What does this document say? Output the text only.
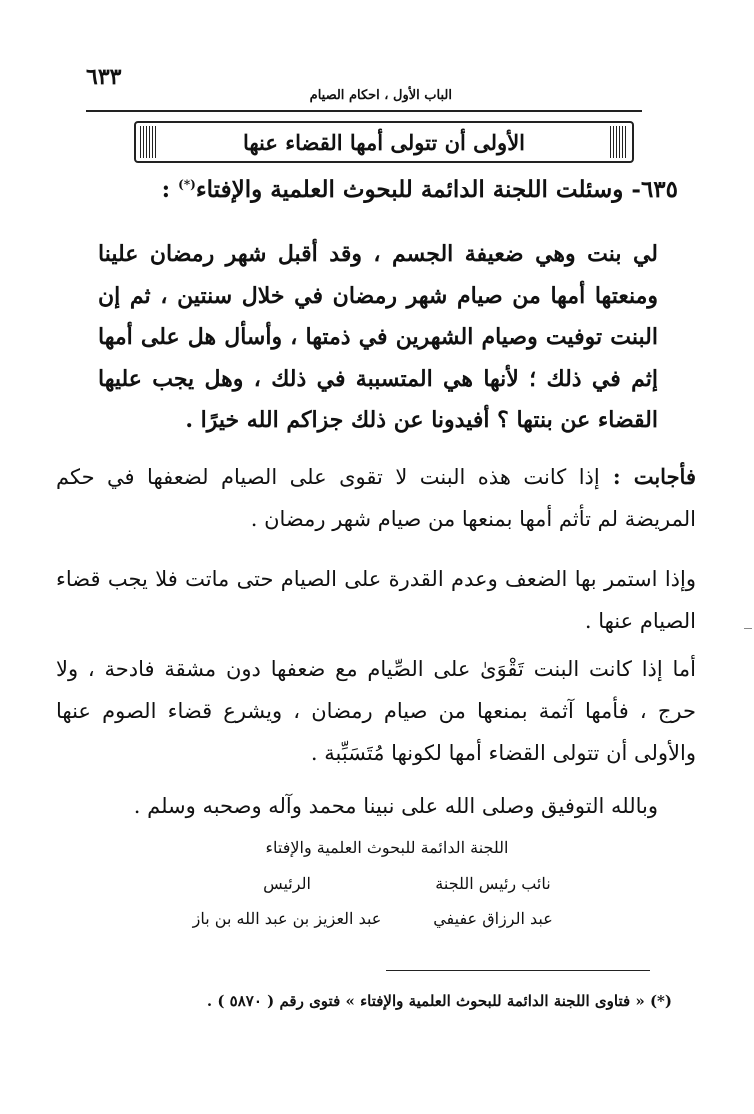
٦٣٣
الباب الأول ، احكام الصيام
الأولى أن تتولى أمها القضاء عنها
٦٣٥- وسئلت اللجنة الدائمة للبحوث العلمية والإفتاء(*) :
لي بنت وهي ضعيفة الجسم ، وقد أقبل شهر رمضان علينا ومنعتها أمها من صيام شهر رمضان في خلال سنتين ، ثم إن البنت توفيت وصيام الشهرين في ذمتها ، وأسأل هل على أمها إثم في ذلك ؛ لأنها هي المتسببة في ذلك ، وهل يجب عليها القضاء عن بنتها ؟ أفيدونا عن ذلك جزاكم الله خيرًا .
فأجابت : إذا كانت هذه البنت لا تقوى على الصيام لضعفها في حكم المريضة لم تأثم أمها بمنعها من صيام شهر رمضان .
وإذا استمر بها الضعف وعدم القدرة على الصيام حتى ماتت فلا يجب قضاء الصيام عنها .
أما إذا كانت البنت تَقْوَىٰ على الصِّيام مع ضعفها دون مشقة فادحة ، ولا حرج ، فأمها آثمة بمنعها من صيام رمضان ، ويشرع قضاء الصوم عنها والأولى أن تتولى القضاء أمها لكونها مُتَسَبِّبة .
وبالله التوفيق وصلى الله على نبينا محمد وآله وصحبه وسلم .
اللجنة الدائمة للبحوث العلمية والإفتاء
نائب رئيس اللجنة
عبد الرزاق عفيفي
الرئيس
عبد العزيز بن عبد الله بن باز
(*) « فتاوى اللجنة الدائمة للبحوث العلمية والإفتاء » فتوى رقم ( ٥٨٧٠ ) .
